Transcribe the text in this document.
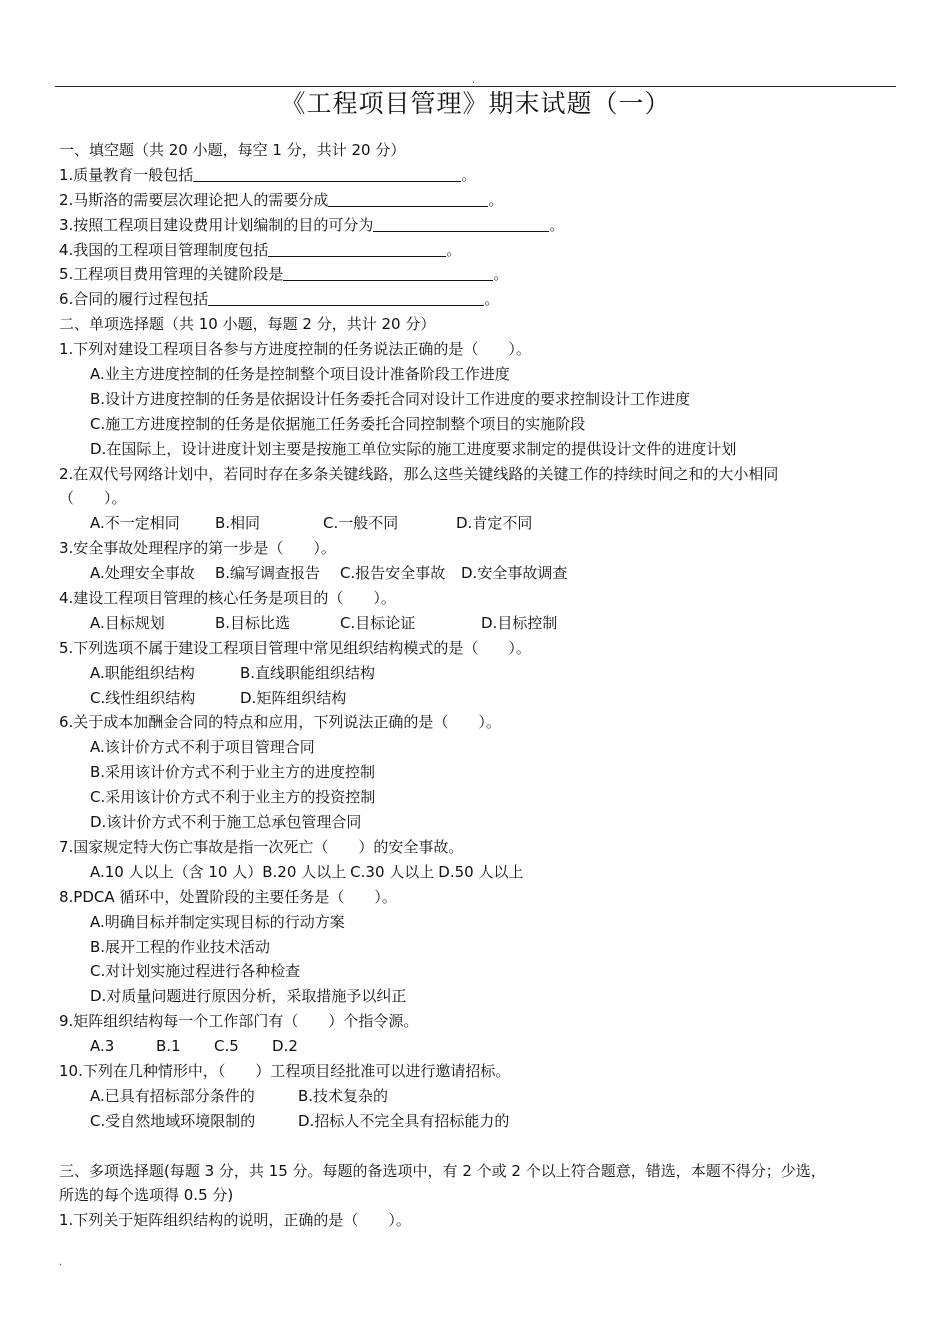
.
《工程项目管理》期末试题（一）
一、填空题（共 20 小题，每空 1 分，共计 20 分）
1.质量教育一般包括	。
2.马斯洛的需要层次理论把人的需要分成	。
3.按照工程项目建设费用计划编制的目的可分为	。
4.我国的工程项目管理制度包括	。
5.工程项目费用管理的关键阶段是	。
6.合同的履行过程包括	。
二、单项选择题（共 10 小题，每题 2 分，共计 20 分）
1.下列对建设工程项目各参与方进度控制的任务说法正确的是（　　）。
A.业主方进度控制的任务是控制整个项目设计准备阶段工作进度
B.设计方进度控制的任务是依据设计任务委托合同对设计工作进度的要求控制设计工作进度
C.施工方进度控制的任务是依据施工任务委托合同控制整个项目的实施阶段
D.在国际上，设计进度计划主要是按施工单位实际的施工进度要求制定的提供设计文件的进度计划
2.在双代号网络计划中，若同时存在多条关键线路，那么这些关键线路的关键工作的持续时间之和的大小相同
（　　）。
A.不一定相同 B.相同	C.一般不同	D.肯定不同
3.安全事故处理程序的第一步是（　　）。
A.处理安全事故 B.编写调查报告 C.报告安全事故 D.安全事故调查
4.建设工程项目管理的核心任务是项目的（　　）。
A.目标规划	B.目标比选	C.目标论证	D.目标控制
5.下列选项不属于建设工程项目管理中常见组织结构模式的是（　　）。
A.职能组织结构	B.直线职能组织结构
C.线性组织结构	D.矩阵组织结构
6.关于成本加酬金合同的特点和应用，下列说法正确的是（　　）。
A.该计价方式不利于项目管理合同
B.采用该计价方式不利于业主方的进度控制
C.采用该计价方式不利于业主方的投资控制
D.该计价方式不利于施工总承包管理合同
7.国家规定特大伤亡事故是指一次死亡（　　）的安全事故。
A.10 人以上（含 10 人）B.20 人以上 C.30 人以上 D.50 人以上
8.PDCA 循环中，处置阶段的主要任务是（　　）。
A.明确目标并制定实现目标的行动方案
B.展开工程的作业技术活动
C.对计划实施过程进行各种检查
D.对质量问题进行原因分析，采取措施予以纠正
9.矩阵组织结构每一个工作部门有（　　）个指令源。
A.3	B.1 C.5 D.2
10.下列在几种情形中，（　　）工程项目经批准可以进行邀请招标。
A.已具有招标部分条件的	B.技术复杂的
C.受自然地域环境限制的	D.招标人不完全具有招标能力的
三、多项选择题(每题 3 分，共 15 分。每题的备选项中，有 2 个或 2 个以上符合题意，错选，本题不得分；少选，
所选的每个选项得 0.5 分)
1.下列关于矩阵组织结构的说明，正确的是（　　）。
.
